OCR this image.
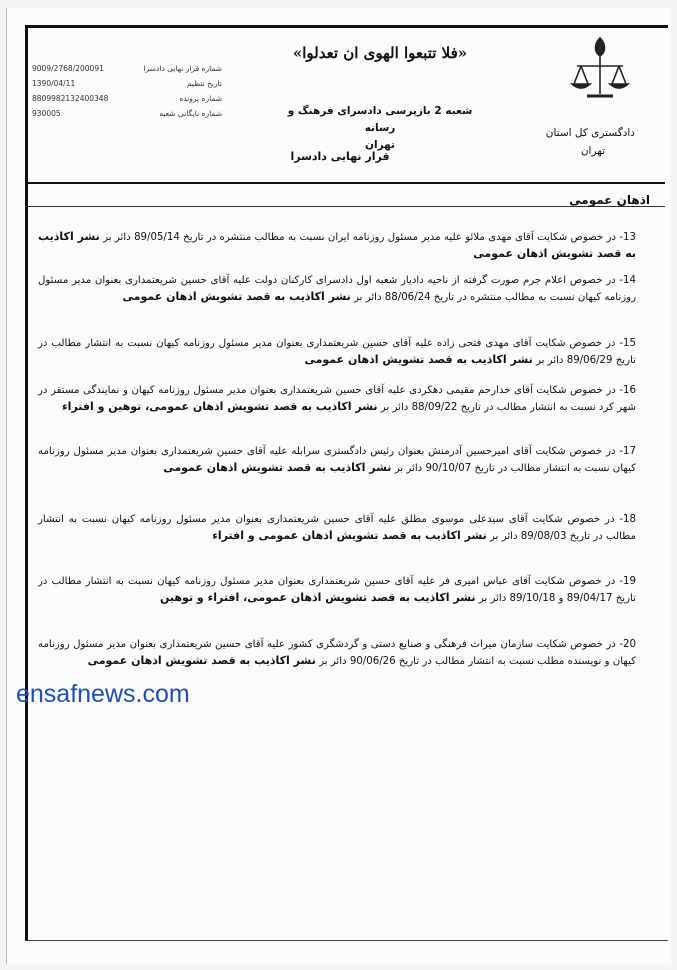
«فلا تتبعوا الهوی ان تعدلوا»
9009/2768/200091	شماره قرار نهایی دادسرا
1390/04/11	تاریخ تنظیم
8809982132400348	شماره پرونده
930005	شماره بایگانی شعبه	شعبه 2 بازپرسی دادسرای فرهنگ و رسانه
تهران
دادگستری کل استان
تهران
قرار نهایی دادسرا
اذهان عمومی
13- در خصوص شکایت آقای مهدی ملائو علیه مدیر مسئول روزنامه ایران نسبت به مطالب منتشره در تاریخ 89/05/14 دائر بر نشر اکاذیب به قصد تشویش اذهان عمومی
14- در خصوص اعلام جرم صورت گرفته از ناحیه دادیار شعبه اول دادسرای کارکنان دولت علیه آقای حسین شریعتمداری بعنوان مدیر مسئول روزنامه کیهان نسبت به مطالب منتشره در تاریخ 88/06/24 دائر بر نشر اکاذیب به قصد تشویش اذهان عمومی
15- در خصوص شکایت آقای مهدی فتحی زاده علیه آقای حسین شریعتمداری بعنوان مدیر مسئول روزنامه کیهان نسبت به انتشار مطالب در تاریخ 89/06/29 دائر بر نشر اکاذیب به قصد تشویش اذهان عمومی
16- در خصوص شکایت آقای خدارحم مقیمی دهکردی علیه آقای حسین شریعتمداری بعنوان مدیر مسئول روزنامه کیهان و نمایندگی مستقر در شهر کرد نسبت به انتشار مطالب در تاریخ 88/09/22 دائر بر نشر اکاذیب به قصد تشویش اذهان عمومی، توهین و افتراء
17- در خصوص شکایت آقای امیرحسین آدرمنش بعنوان رئیس دادگستری سرابله علیه آقای حسین شریعتمداری بعنوان مدیر مسئول روزنامه کیهان نسبت به انتشار مطالب در تاریخ 90/10/07 دائر بر نشر اکاذیب به قصد تشویش اذهان عمومی
18- در خصوص شکایت آقای سیدعلی موسوی مطلق علیه آقای حسین شریعتمداری بعنوان مدیر مسئول روزنامه کیهان نسبت به انتشار مطالب در تاریخ 89/08/03 دائر بر نشر اکاذیب به قصد تشویش اذهان عمومی و افتراء
19- در خصوص شکایت آقای عباس امیری فر علیه آقای حسین شریعتمداری بعنوان مدیر مسئول روزنامه کیهان نسبت به انتشار مطالب در تاریخ 89/04/17 و 89/10/18 دائر بر نشر اکاذیب به قصد تشویش اذهان عمومی، افتراء و توهین
20- در خصوص شکایت سازمان میراث فرهنگی و صنایع دستی و گردشگری کشور علیه آقای حسین شریعتمداری بعنوان مدیر مسئول روزنامه کیهان و نویسنده مطلب نسبت به انتشار مطالب در تاریخ 90/06/26 دائر بر نشر اکاذیب به قصد تشویش اذهان عمومی
ensafnews.com
